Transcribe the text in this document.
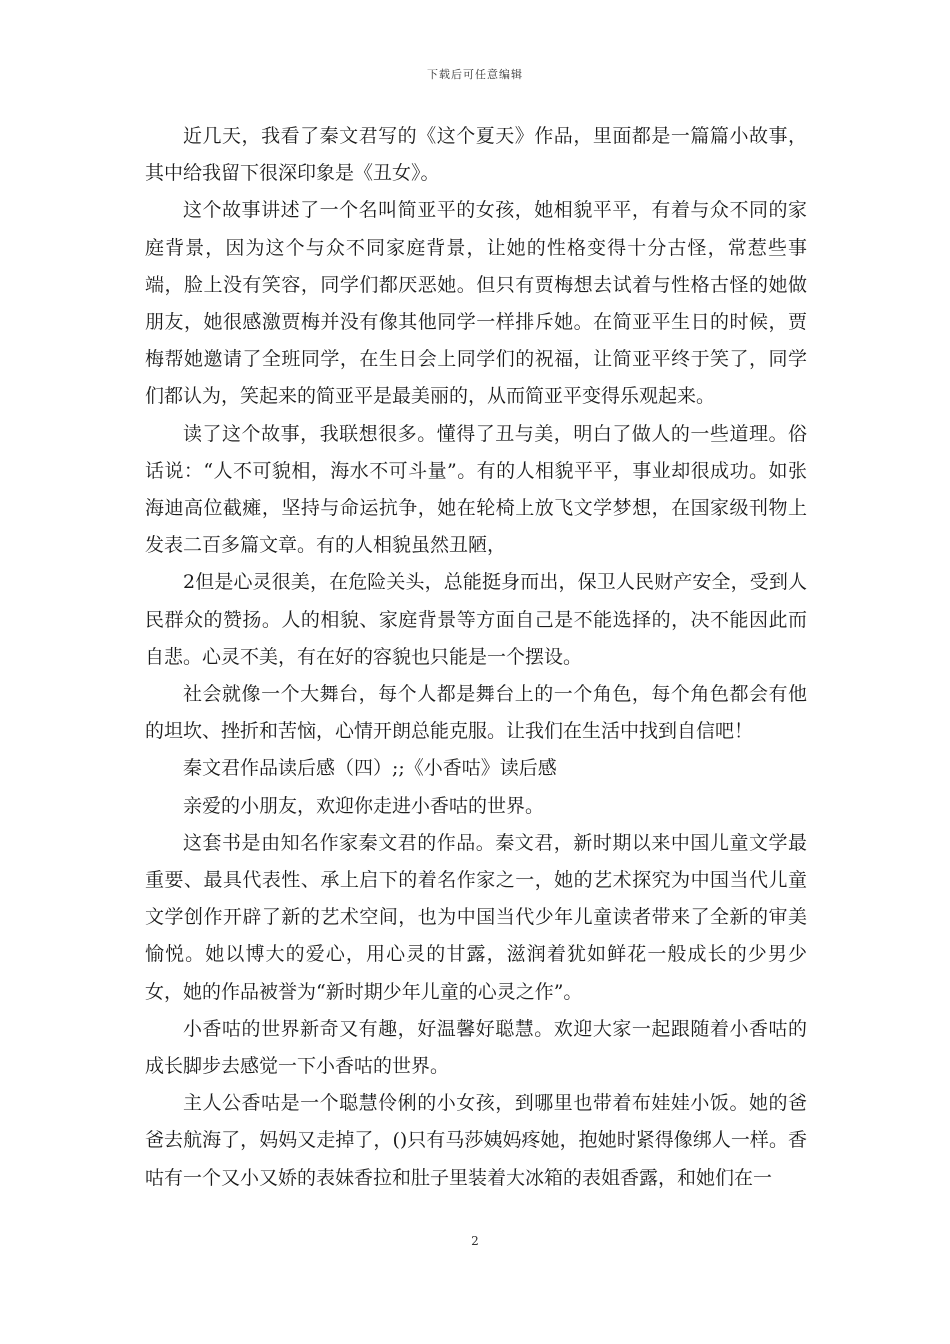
下载后可任意编辑

近几天，我看了秦文君写的《这个夏天》作品，里面都是一篇篇小故事，其中给我留下很深印象是《丑女》。

这个故事讲述了一个名叫简亚平的女孩，她相貌平平，有着与众不同的家庭背景，因为这个与众不同家庭背景，让她的性格变得十分古怪，常惹些事端，脸上没有笑容，同学们都厌恶她。但只有贾梅想去试着与性格古怪的她做朋友，她很感激贾梅并没有像其他同学一样排斥她。在简亚平生日的时候，贾梅帮她邀请了全班同学，在生日会上同学们的祝福，让简亚平终于笑了，同学们都认为，笑起来的简亚平是最美丽的，从而简亚平变得乐观起来。

读了这个故事，我联想很多。懂得了丑与美，明白了做人的一些道理。俗话说：“人不可貌相，海水不可斗量”。有的人相貌平平，事业却很成功。如张海迪高位截瘫，坚持与命运抗争，她在轮椅上放飞文学梦想，在国家级刊物上发表二百多篇文章。有的人相貌虽然丑陋，

2但是心灵很美，在危险关头，总能挺身而出，保卫人民财产安全，受到人民群众的赞扬。人的相貌、家庭背景等方面自己是不能选择的，决不能因此而自悲。心灵不美，有在好的容貌也只能是一个摆设。

社会就像一个大舞台，每个人都是舞台上的一个角色，每个角色都会有他的坦坎、挫折和苦恼，心情开朗总能克服。让我们在生活中找到自信吧！

秦文君作品读后感（四）;;《小香咕》读后感

亲爱的小朋友，欢迎你走进小香咕的世界。

这套书是由知名作家秦文君的作品。秦文君，新时期以来中国儿童文学最重要、最具代表性、承上启下的着名作家之一，她的艺术探究为中国当代儿童文学创作开辟了新的艺术空间，也为中国当代少年儿童读者带来了全新的审美愉悦。她以博大的爱心，用心灵的甘露，滋润着犹如鲜花一般成长的少男少女，她的作品被誉为“新时期少年儿童的心灵之作”。

小香咕的世界新奇又有趣，好温馨好聪慧。欢迎大家一起跟随着小香咕的成长脚步去感觉一下小香咕的世界。

主人公香咕是一个聪慧伶俐的小女孩，到哪里也带着布娃娃小饭。她的爸爸去航海了，妈妈又走掉了，()只有马莎姨妈疼她，抱她时紧得像绑人一样。香咕有一个又小又娇的表妹香拉和肚子里装着大冰箱的表姐香露，和她们在一

2
